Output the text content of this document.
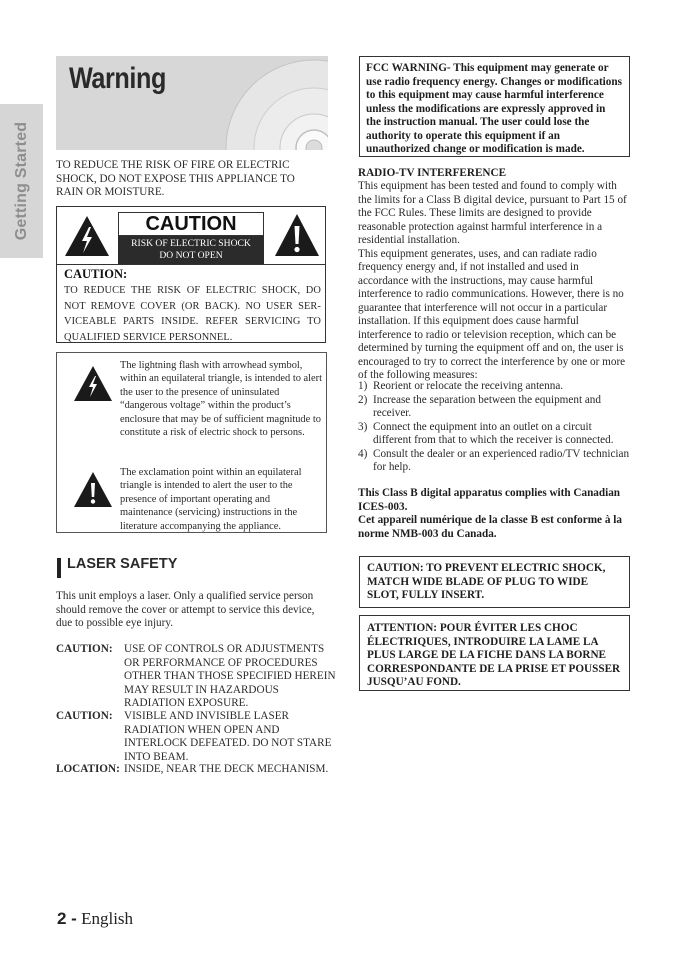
Getting Started
Warning
TO REDUCE THE RISK OF FIRE OR ELECTRIC
SHOCK, DO NOT EXPOSE THIS APPLIANCE TO
RAIN OR MOISTURE.
CAUTION
RISK OF ELECTRIC SHOCK
DO NOT OPEN
CAUTION:
TO REDUCE THE RISK OF ELECTRIC SHOCK, DO NOT REMOVE COVER (OR BACK). NO USER SER- VICEABLE PARTS INSIDE. REFER SERVICING TO QUALIFIED SERVICE PERSONNEL.
The lightning flash with arrowhead symbol, within an equilateral triangle, is intended to alert the user to the presence of uninsulated “dangerous voltage” within the product’s enclosure that may be of sufficient magnitude to constitute a risk of electric shock to persons.
The exclamation point within an equilateral triangle is intended to alert the user to the presence of important operating and maintenance (servicing) instructions in the literature accompanying the appliance.
LASER SAFETY
This unit employs a laser. Only a qualified service person should remove the cover or attempt to service this device, due to possible eye injury.
CAUTION: USE OF CONTROLS OR ADJUSTMENTS OR PERFORMANCE OF PROCEDURES OTHER THAN THOSE SPECIFIED HEREIN MAY RESULT IN HAZARDOUS RADIATION EXPOSURE.
CAUTION: VISIBLE AND INVISIBLE LASER RADIATION WHEN OPEN AND INTERLOCK DEFEATED. DO NOT STARE INTO BEAM.
LOCATION: INSIDE, NEAR THE DECK MECHANISM.
2 - English
FCC WARNING- This equipment may generate or use radio frequency energy. Changes or modifications to this equipment may cause harmful interference unless the modifications are expressly approved in the instruction manual. The user could lose the authority to operate this equipment if an unauthorized change or modification is made.
RADIO-TV INTERFERENCE
This equipment has been tested and found to comply with the limits for a Class B digital device, pursuant to Part 15 of the FCC Rules. These limits are designed to provide reasonable protection against harmful interference in a residential installation.
This equipment generates, uses, and can radiate radio frequency energy and, if not installed and used in accordance with the instructions, may cause harmful interference to radio communications. However, there is no guarantee that interference will not occur in a particular installation. If this equipment does cause harmful interference to radio or television reception, which can be determined by turning the equipment off and on, the user is encouraged to try to correct the interference by one or more of the following measures:
1) Reorient or relocate the receiving antenna.
2) Increase the separation between the equipment and receiver.
3) Connect the equipment into an outlet on a circuit different from that to which the receiver is connected.
4) Consult the dealer or an experienced radio/TV technician for help.
This Class B digital apparatus complies with Canadian ICES-003.
Cet appareil numérique de la classe B est conforme à la norme NMB-003 du Canada.
CAUTION: TO PREVENT ELECTRIC SHOCK, MATCH WIDE BLADE OF PLUG TO WIDE SLOT, FULLY INSERT.
ATTENTION: POUR ÉVITER LES CHOC ÉLECTRIQUES, INTRODUIRE LA LAME LA PLUS LARGE DE LA FICHE DANS LA BORNE CORRESPONDANTE DE LA PRISE ET POUSSER JUSQU’AU FOND.
